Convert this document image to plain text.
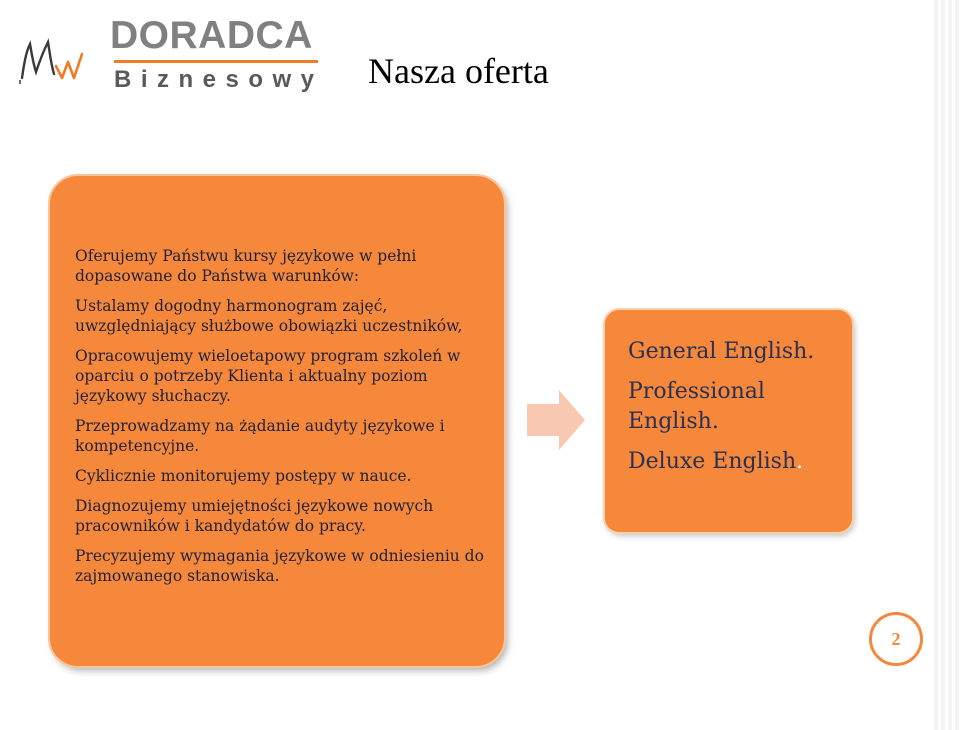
DORADCA
Biznesowy Nasza oferta

Oferujemy Państwu kursy językowe w pełni dopasowane do Państwa warunków:

Ustalamy dogodny harmonogram zajęć, uwzględniający służbowe obowiązki uczestników,

Opracowujemy wieloetapowy program szkoleń w oparciu o potrzeby Klienta i aktualny poziom językowy słuchaczy.

Przeprowadzamy na żądanie audyty językowe i kompetencyjne.

Cyklicznie monitorujemy postępy w nauce.

Diagnozujemy umiejętności językowe nowych pracowników i kandydatów do pracy.

Precyzujemy wymagania językowe w odniesieniu do zajmowanego stanowiska.

General English.
Professional English.
Deluxe English.
2
